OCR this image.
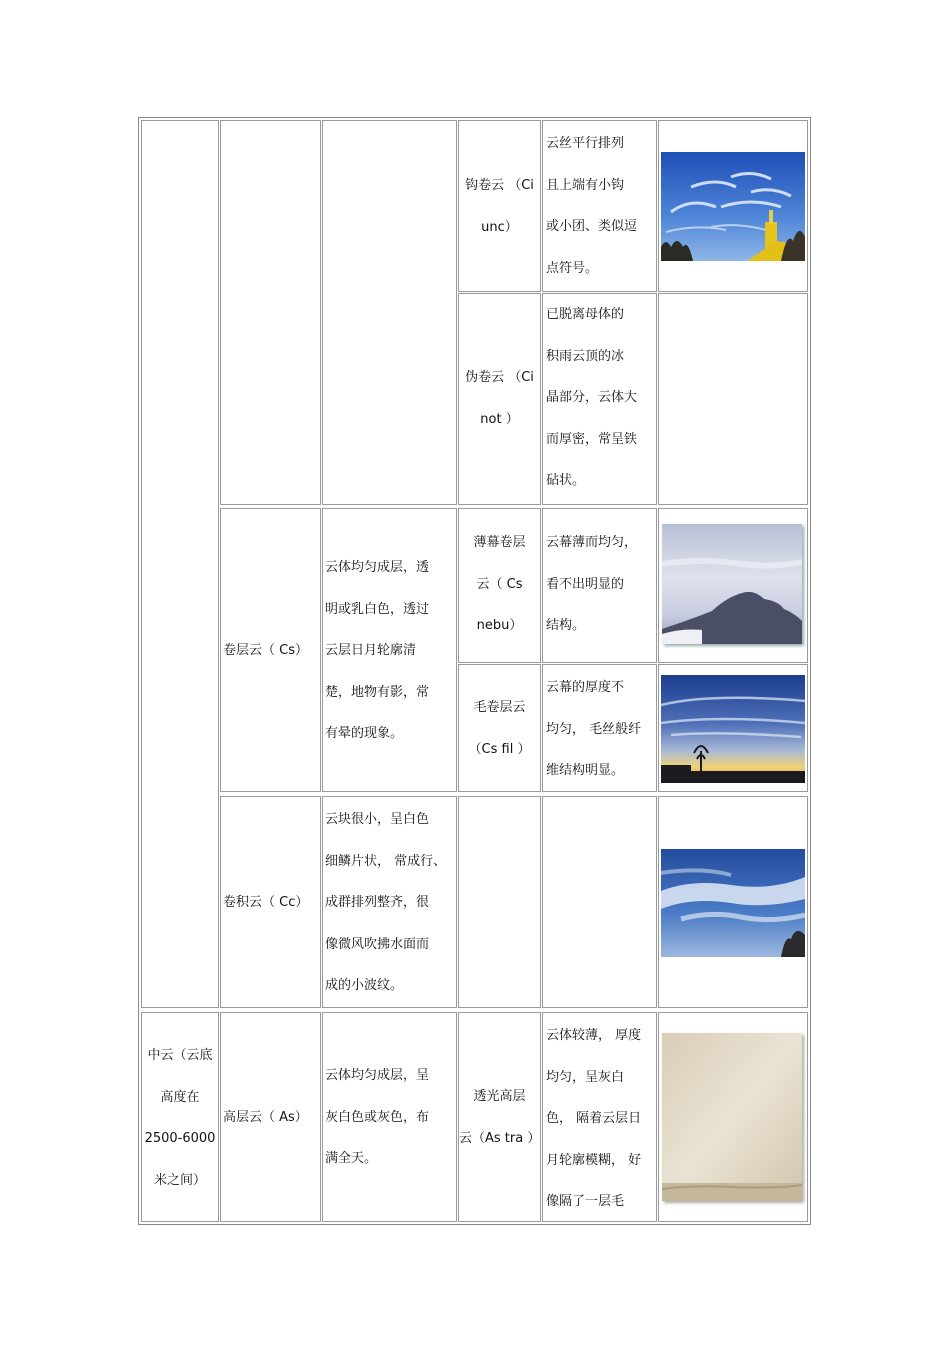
钩卷云 （Ci
unc）
云丝平行排列
且上端有小钩
或小团、类似逗
点符号。
伪卷云 （Ci
not ）
已脱离母体的
积雨云顶的冰
晶部分，云体大
而厚密，常呈铁
砧状。
卷层云（ Cs）
云体均匀成层，透
明或乳白色，透过
云层日月轮廓清
楚，地物有影，常
有晕的现象。
薄幕卷层
云（ Cs
nebu）
云幕薄而均匀，
看不出明显的
结构。
毛卷层云
（Cs fil ）
云幕的厚度不
均匀， 毛丝般纤
维结构明显。
卷积云（ Cc）
云块很小，呈白色
细鳞片状， 常成行、
成群排列整齐，很
像微风吹拂水面而
成的小波纹。
中云（云底
高度在
2500-6000
米之间）
高层云（ As）
云体均匀成层，呈
灰白色或灰色，布
满全天。
透光高层
云（As tra ）
云体较薄， 厚度
均匀，呈灰白
色， 隔着云层日
月轮廓模糊， 好
像隔了一层毛
